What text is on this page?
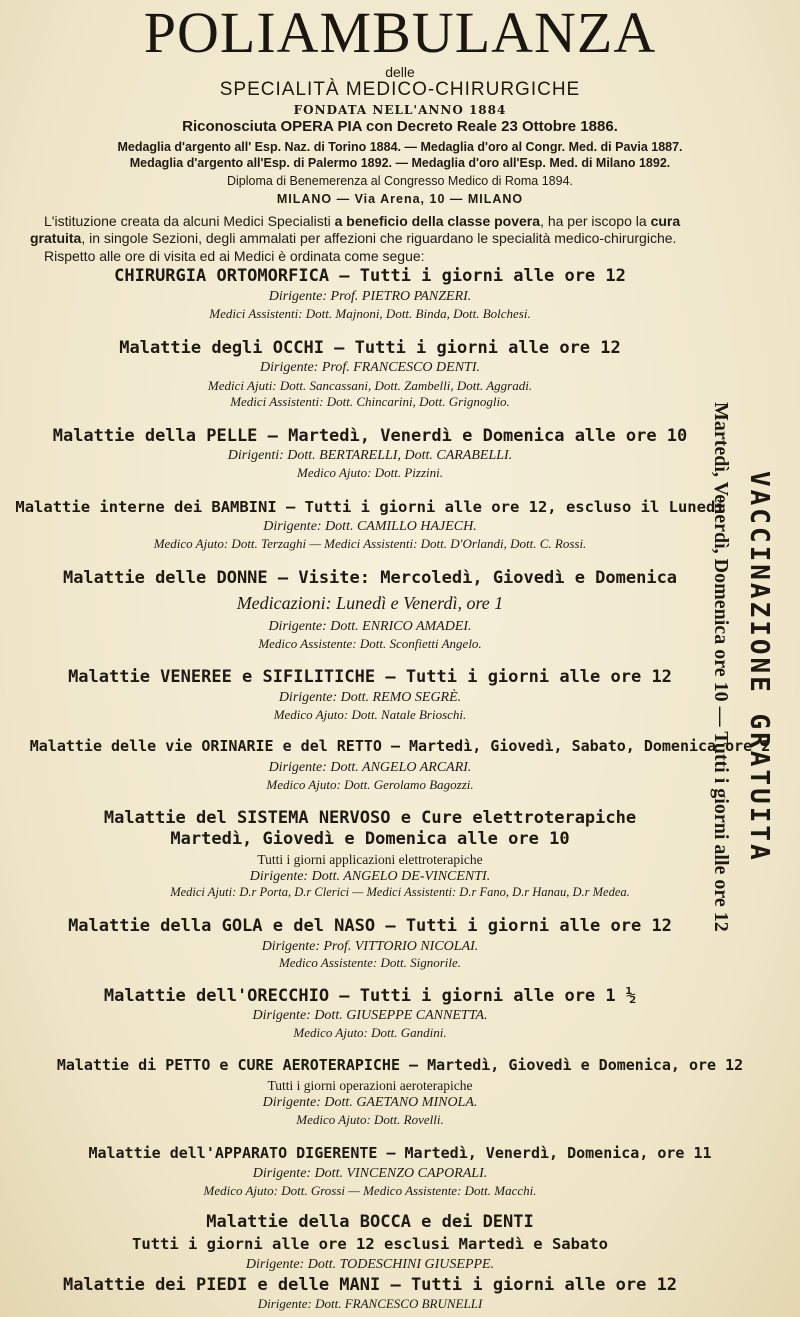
POLIAMBULANZA
delle
SPECIALITÀ MEDICO-CHIRURGICHE
FONDATA NELL'ANNO 1884
Riconosciuta OPERA PIA con Decreto Reale 23 Ottobre 1886.
Medaglia d'argento all' Esp. Naz. di Torino 1884. — Medaglia d'oro al Congr. Med. di Pavia 1887.
Medaglia d'argento all'Esp. di Palermo 1892. — Medaglia d'oro all'Esp. Med. di Milano 1892.
Diploma di Benemerenza al Congresso Medico di Roma 1894.
MILANO — Via Arena, 10 — MILANO
L'istituzione creata da alcuni Medici Specialisti a beneficio della classe povera, ha per iscopo la cura gratuita, in singole Sezioni, degli ammalati per affezioni che riguardano le specialità medico-chirurgiche.
Rispetto alle ore di visita ed ai Medici è ordinata come segue:
CHIRURGIA ORTOMORFICA — Tutti i giorni alle ore 12
Dirigente: Prof. PIETRO PANZERI.
Medici Assistenti: Dott. Majnoni, Dott. Binda, Dott. Bolchesi.
Malattie degli OCCHI — Tutti i giorni alle ore 12
Dirigente: Prof. FRANCESCO DENTI.
Medici Ajuti: Dott. Sancassani, Dott. Zambelli, Dott. Aggradi.
Medici Assistenti: Dott. Chincarini, Dott. Grignoglio.
Malattie della PELLE — Martedì, Venerdì e Domenica alle ore 10
Dirigenti: Dott. BERTARELLI, Dott. CARABELLI.
Medico Ajuto: Dott. Pizzini.
Malattie interne dei BAMBINI — Tutti i giorni alle ore 12, escluso il Lunedì
Dirigente: Dott. CAMILLO HAJECH.
Medico Ajuto: Dott. Terzaghi — Medici Assistenti: Dott. D'Orlandi, Dott. C. Rossi.
Malattie delle DONNE — Visite: Mercoledì, Giovedì e Domenica
Medicazioni: Lunedì e Venerdì, ore 1
Dirigente: Dott. ENRICO AMADEI.
Medico Assistente: Dott. Sconfietti Angelo.
Malattie VENEREE e SIFILITICHE — Tutti i giorni alle ore 12
Dirigente: Dott. REMO SEGRÈ.
Medico Ajuto: Dott. Natale Brioschi.
Malattie delle vie ORINARIE e del RETTO — Martedì, Giovedì, Sabato, Domenica ore 2
Dirigente: Dott. ANGELO ARCARI.
Medico Ajuto: Dott. Gerolamo Bagozzi.
Malattie del SISTEMA NERVOSO e Cure elettroterapiche
Martedì, Giovedì e Domenica alle ore 10
Tutti i giorni applicazioni elettroterapiche
Dirigente: Dott. ANGELO DE-VINCENTI.
Medici Ajuti: D.r Porta, D.r Clerici — Medici Assistenti: D.r Fano, D.r Hanau, D.r Medea.
Malattie della GOLA e del NASO — Tutti i giorni alle ore 12
Dirigente: Prof. VITTORIO NICOLAI.
Medico Assistente: Dott. Signorile.
Malattie dell'ORECCHIO — Tutti i giorni alle ore 1 ½
Dirigente: Dott. GIUSEPPE CANNETTA.
Medico Ajuto: Dott. Gandini.
Malattie di PETTO e CURE AEROTERAPICHE — Martedì, Giovedì e Domenica, ore 12
Tutti i giorni operazioni aeroterapiche
Dirigente: Dott. GAETANO MINOLA.
Medico Ajuto: Dott. Rovelli.
Malattie dell'APPARATO DIGERENTE — Martedì, Venerdì, Domenica, ore 11
Dirigente: Dott. VINCENZO CAPORALI.
Medico Ajuto: Dott. Grossi — Medico Assistente: Dott. Macchi.
Malattie della BOCCA e dei DENTI
Tutti i giorni alle ore 12 esclusi Martedì e Sabato
Dirigente: Dott. TODESCHINI GIUSEPPE.
Malattie dei PIEDI e delle MANI — Tutti i giorni alle ore 12
Dirigente: Dott. FRANCESCO BRUNELLI
VACCINAZIONE GRATUITA
Martedì, Venerdì, Domenica ore 10 — Tutti i giorni alle ore 12
